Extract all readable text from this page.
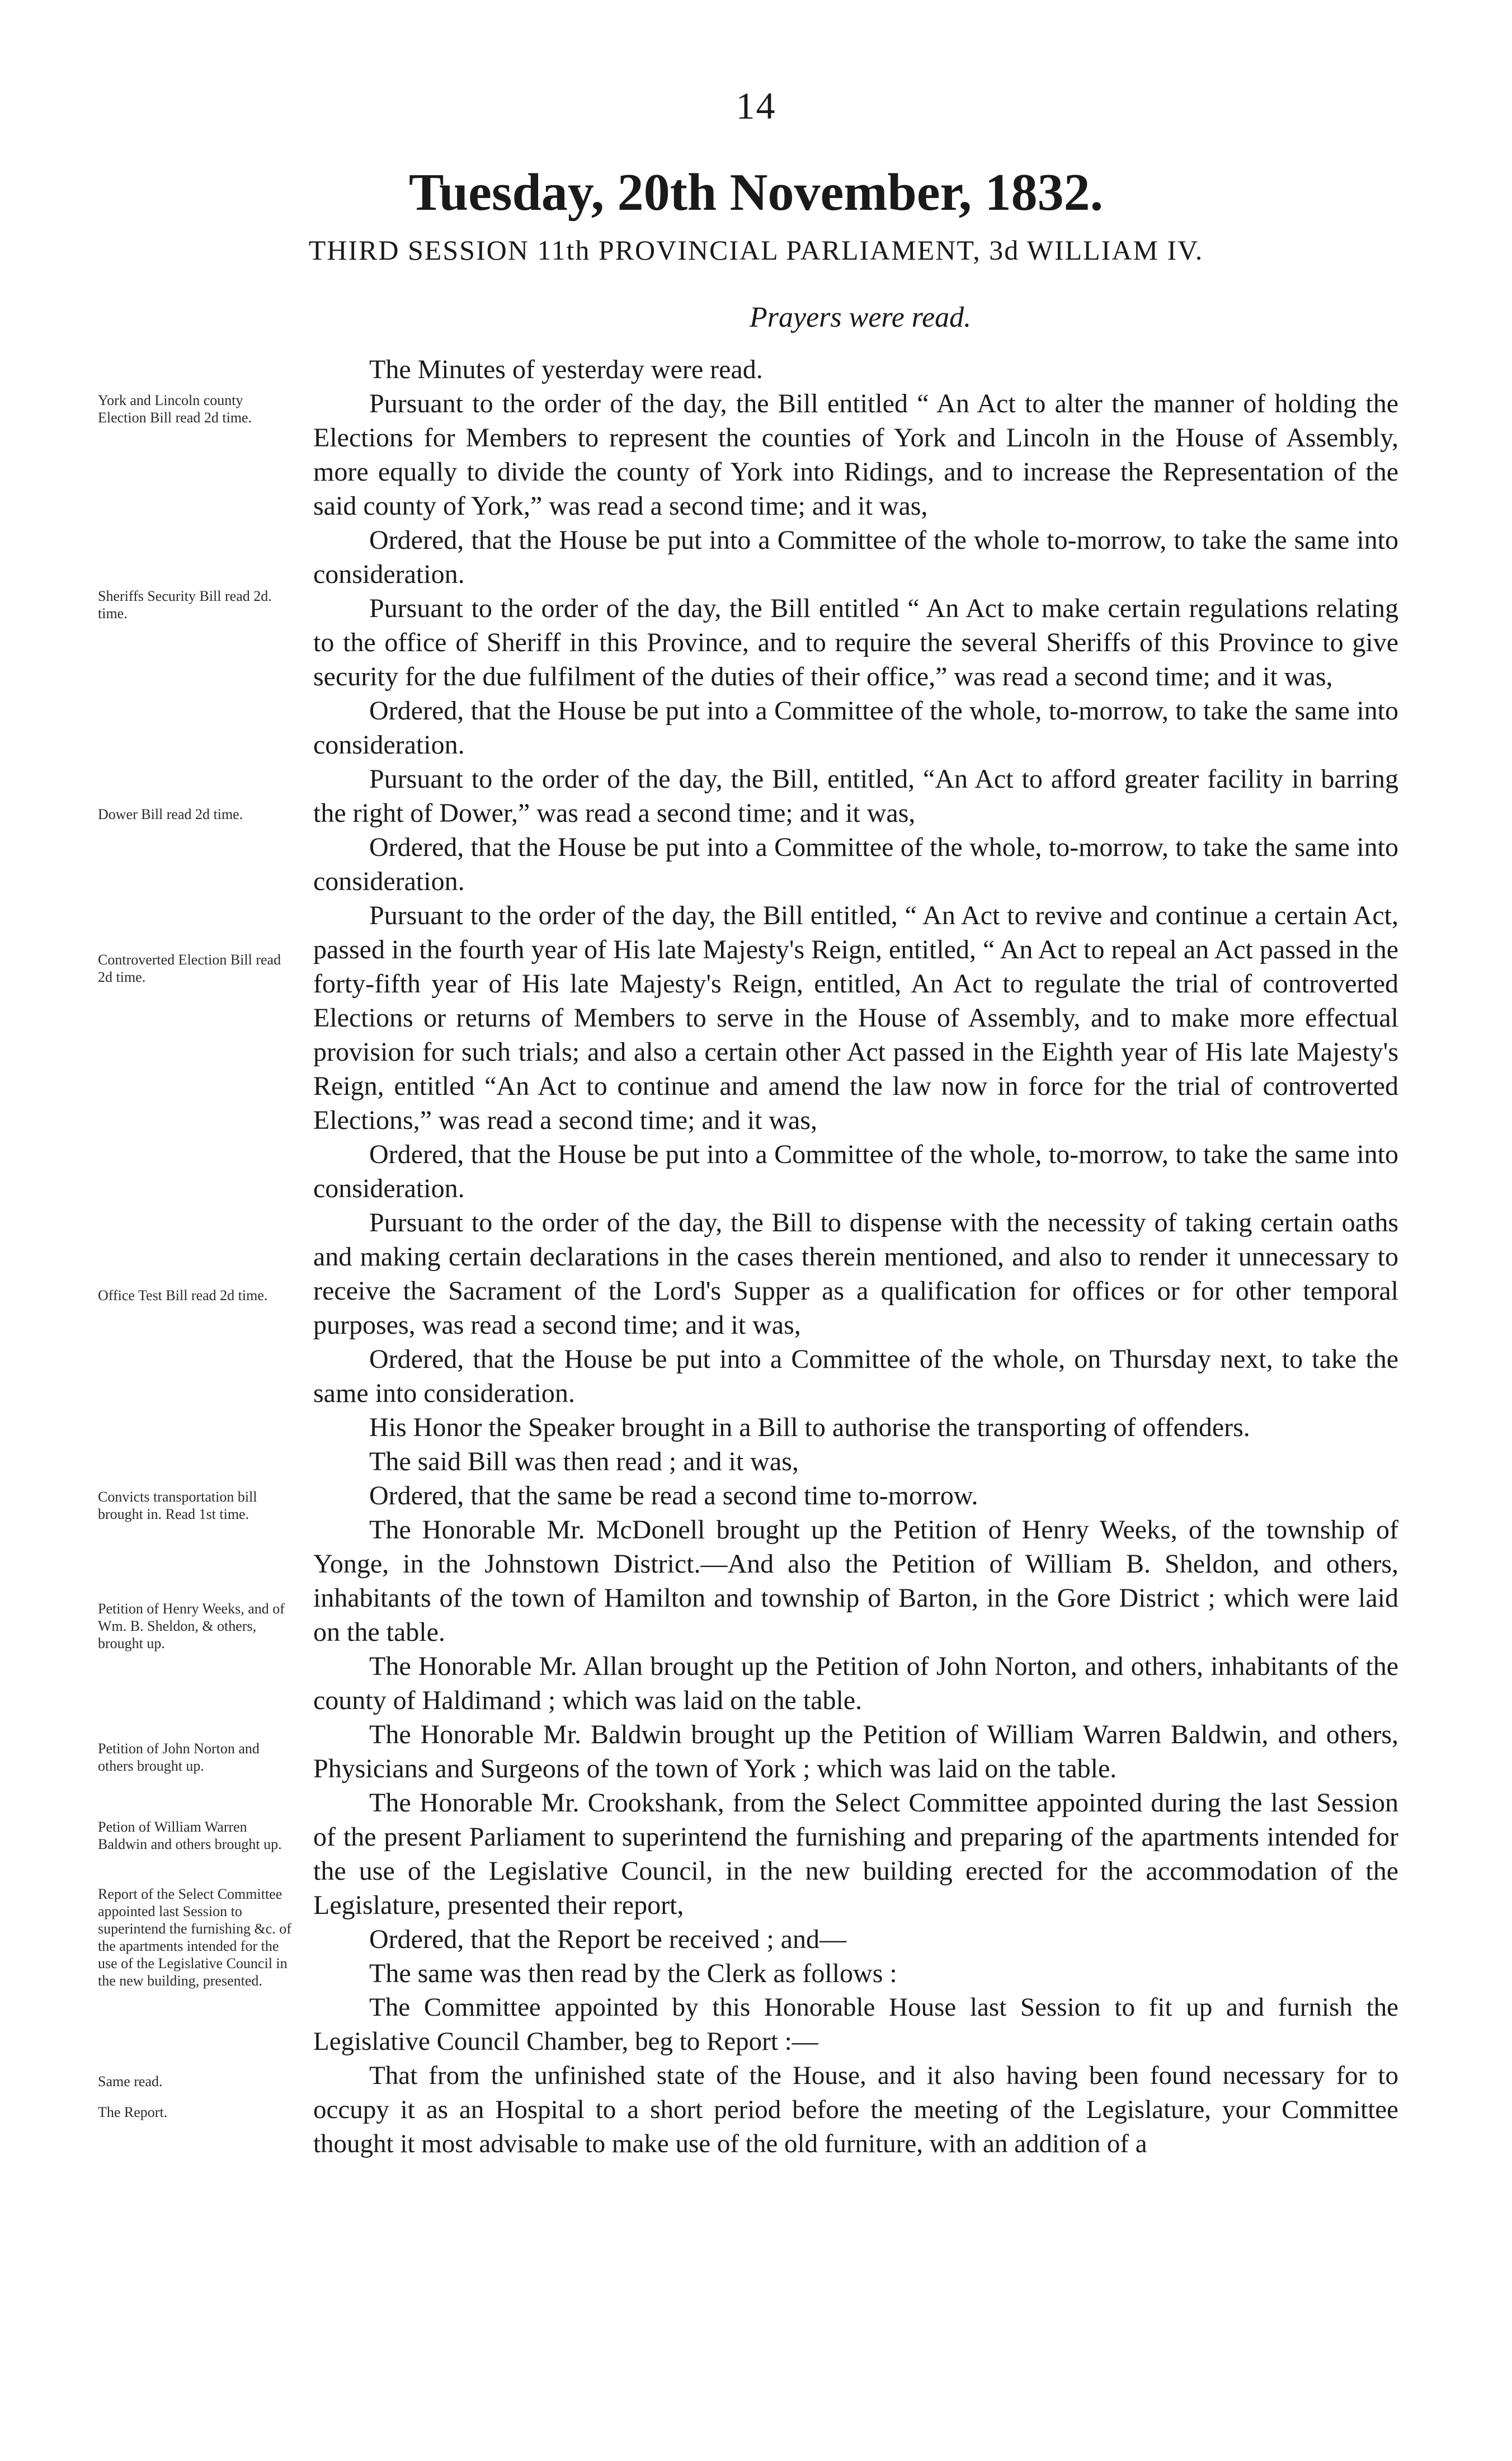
14
Tuesday, 20th November, 1832.
THIRD SESSION 11th PROVINCIAL PARLIAMENT, 3d WILLIAM IV.
Prayers were read.
York and Lincoln county Election Bill read 2d time.
Sheriffs Security Bill read 2d. time.
Dower Bill read 2d time.
Controverted Election Bill read 2d time.
Office Test Bill read 2d time.
Convicts transportation bill brought in. Read 1st time.
Petition of Henry Weeks, and of Wm. B. Sheldon, & others, brought up.
Petition of John Norton and others brought up.
Petion of William Warren Baldwin and others brought up.
Report of the Select Committee appointed last Session to superintend the furnishing &c. of the apartments intended for the use of the Legislative Council in the new building, presented.
Same read.
The Report.

The Minutes of yesterday were read.

Pursuant to the order of the day, the Bill entitled “ An Act to alter the manner of holding the Elections for Members to represent the counties of York and Lincoln in the House of Assembly, more equally to divide the county of York into Ridings, and to increase the Representation of the said county of York,” was read a second time; and it was,

Ordered, that the House be put into a Committee of the whole to-morrow, to take the same into consideration.

Pursuant to the order of the day, the Bill entitled “ An Act to make certain regulations relating to the office of Sheriff in this Province, and to require the several Sheriffs of this Province to give security for the due fulfilment of the duties of their office,” was read a second time; and it was,

Ordered, that the House be put into a Committee of the whole, to-morrow, to take the same into consideration.

Pursuant to the order of the day, the Bill, entitled, “An Act to afford greater facility in barring the right of Dower,” was read a second time; and it was,

Ordered, that the House be put into a Committee of the whole, to-morrow, to take the same into consideration.

Pursuant to the order of the day, the Bill entitled, “ An Act to revive and continue a certain Act, passed in the fourth year of His late Majesty's Reign, entitled, “ An Act to repeal an Act passed in the forty-fifth year of His late Majesty's Reign, entitled, An Act to regulate the trial of controverted Elections or returns of Members to serve in the House of Assembly, and to make more effectual provision for such trials; and also a certain other Act passed in the Eighth year of His late Majesty's Reign, entitled “An Act to continue and amend the law now in force for the trial of controverted Elections,” was read a second time; and it was,

Ordered, that the House be put into a Committee of the whole, to-morrow, to take the same into consideration.

Pursuant to the order of the day, the Bill to dispense with the necessity of taking certain oaths and making certain declarations in the cases therein mentioned, and also to render it unnecessary to receive the Sacrament of the Lord's Supper as a qualification for offices or for other temporal purposes, was read a second time; and it was,

Ordered, that the House be put into a Committee of the whole, on Thursday next, to take the same into consideration.

His Honor the Speaker brought in a Bill to authorise the transporting of offenders.

The said Bill was then read ; and it was,

Ordered, that the same be read a second time to-morrow.

The Honorable Mr. McDonell brought up the Petition of Henry Weeks, of the township of Yonge, in the Johnstown District.—And also the Petition of William B. Sheldon, and others, inhabitants of the town of Hamilton and township of Barton, in the Gore District ; which were laid on the table.

The Honorable Mr. Allan brought up the Petition of John Norton, and others, inhabitants of the county of Haldimand ; which was laid on the table.

The Honorable Mr. Baldwin brought up the Petition of William Warren Baldwin, and others, Physicians and Surgeons of the town of York ; which was laid on the table.

The Honorable Mr. Crookshank, from the Select Committee appointed during the last Session of the present Parliament to superintend the furnishing and preparing of the apartments intended for the use of the Legislative Council, in the new building erected for the accommodation of the Legislature, presented their report,

Ordered, that the Report be received ; and—

The same was then read by the Clerk as follows :

The Committee appointed by this Honorable House last Session to fit up and furnish the Legislative Council Chamber, beg to Report :—

That from the unfinished state of the House, and it also having been found necessary for to occupy it as an Hospital to a short period before the meeting of the Legislature, your Committee thought it most advisable to make use of the old furniture, with an addition of a
